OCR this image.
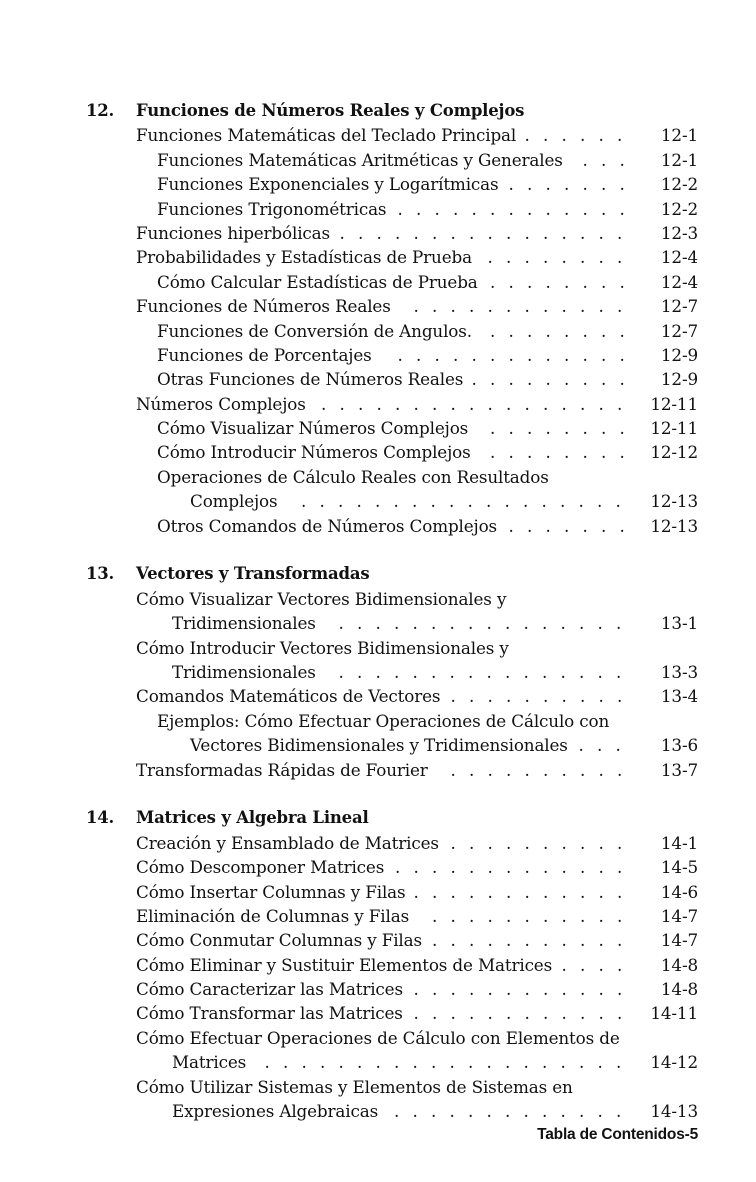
12. Funciones de Números Reales y Complejos
Funciones Matemáticas del Teclado Principal . . . . . .	12-1
Funciones Matemáticas Aritméticas y Generales . . .	12-1
Funciones Exponenciales y Logarítmicas . . . . . . .	12-2
Funciones Trigonométricas . . . . . . . . . . . . .	12-2
Funciones hiperbólicas . . . . . . . . . . . . . . . .	12-3
Probabilidades y Estadísticas de Prueba . . . . . . . .	12-4
Cómo Calcular Estadísticas de Prueba . . . . . . . .	12-4
Funciones de Números Reales . . . . . . . . . . . .	12-7
Funciones de Conversión de Angulos. . . . . . . . .	12-7
Funciones de Porcentajes . . . . . . . . . . . . .	12-9
Otras Funciones de Números Reales . . . . . . . . .	12-9
Números Complejos . . . . . . . . . . . . . . . . .	12-11
Cómo Visualizar Números Complejos . . . . . . . .	12-11
Cómo Introducir Números Complejos . . . . . . . .	12-12
Operaciones de Cálculo Reales con Resultados
Complejos . . . . . . . . . . . . . . . . . .	12-13
Otros Comandos de Números Complejos . . . . . . .	12-13
13. Vectores y Transformadas
Cómo Visualizar Vectores Bidimensionales y
Tridimensionales . . . . . . . . . . . . . . . .	13-1
Cómo Introducir Vectores Bidimensionales y
Tridimensionales . . . . . . . . . . . . . . . .	13-3
Comandos Matemáticos de Vectores . . . . . . . . . .	13-4
Ejemplos: Cómo Efectuar Operaciones de Cálculo con
Vectores Bidimensionales y Tridimensionales . . .	13-6
Transformadas Rápidas de Fourier . . . . . . . . . .	13-7
14. Matrices y Algebra Lineal
Creación y Ensamblado de Matrices . . . . . . . . . .	14-1
Cómo Descomponer Matrices . . . . . . . . . . . . .	14-5
Cómo Insertar Columnas y Filas . . . . . . . . . . . .	14-6
Eliminación de Columnas y Filas . . . . . . . . . . .	14-7
Cómo Conmutar Columnas y Filas . . . . . . . . . . .	14-7
Cómo Eliminar y Sustituir Elementos de Matrices . . . .	14-8
Cómo Caracterizar las Matrices . . . . . . . . . . . .	14-8
Cómo Transformar las Matrices . . . . . . . . . . . .	14-11
Cómo Efectuar Operaciones de Cálculo con Elementos de
Matrices . . . . . . . . . . . . . . . . . . . .	14-12
Cómo Utilizar Sistemas y Elementos de Sistemas en
Expresiones Algebraicas . . . . . . . . . . . . .	14-13
Tabla de Contenidos-5
